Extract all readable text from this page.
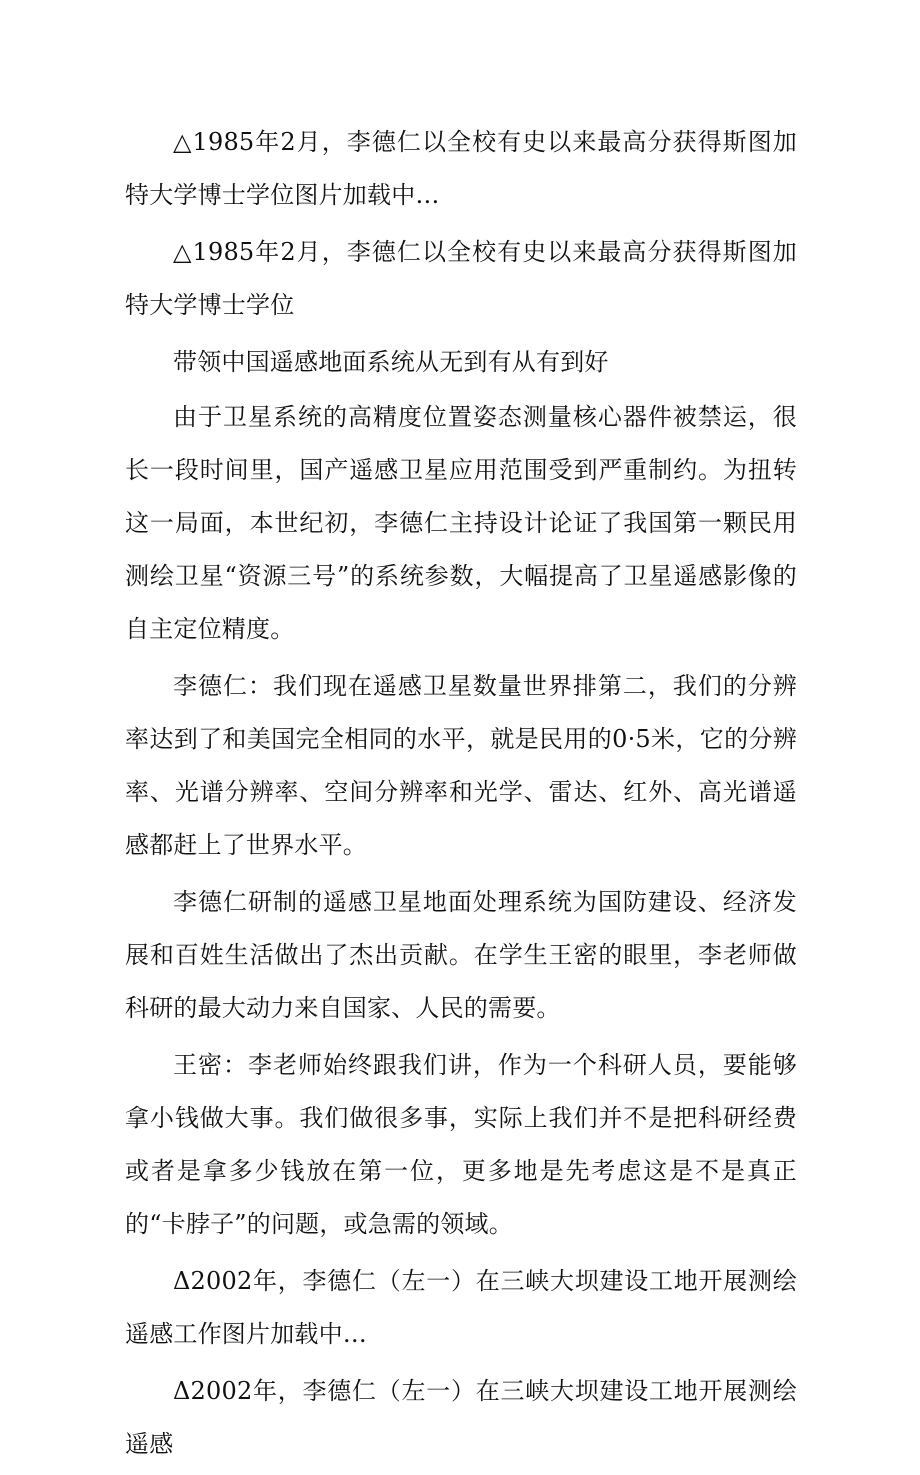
△1985年2月，李德仁以全校有史以来最高分获得斯图加特大学博士学位图片加载中…

△1985年2月，李德仁以全校有史以来最高分获得斯图加特大学博士学位

带领中国遥感地面系统从无到有从有到好

由于卫星系统的高精度位置姿态测量核心器件被禁运，很长一段时间里，国产遥感卫星应用范围受到严重制约。为扭转这一局面，本世纪初，李德仁主持设计论证了我国第一颗民用测绘卫星“资源三号”的系统参数，大幅提高了卫星遥感影像的自主定位精度。

李德仁：我们现在遥感卫星数量世界排第二，我们的分辨率达到了和美国完全相同的水平，就是民用的0·5米，它的分辨率、光谱分辨率、空间分辨率和光学、雷达、红外、高光谱遥感都赶上了世界水平。

李德仁研制的遥感卫星地面处理系统为国防建设、经济发展和百姓生活做出了杰出贡献。在学生王密的眼里，李老师做科研的最大动力来自国家、人民的需要。

王密：李老师始终跟我们讲，作为一个科研人员，要能够拿小钱做大事。我们做很多事，实际上我们并不是把科研经费或者是拿多少钱放在第一位，更多地是先考虑这是不是真正的“卡脖子”的问题，或急需的领域。

Δ2002年，李德仁（左一）在三峡大坝建设工地开展测绘遥感工作图片加载中…

Δ2002年，李德仁（左一）在三峡大坝建设工地开展测绘遥感
